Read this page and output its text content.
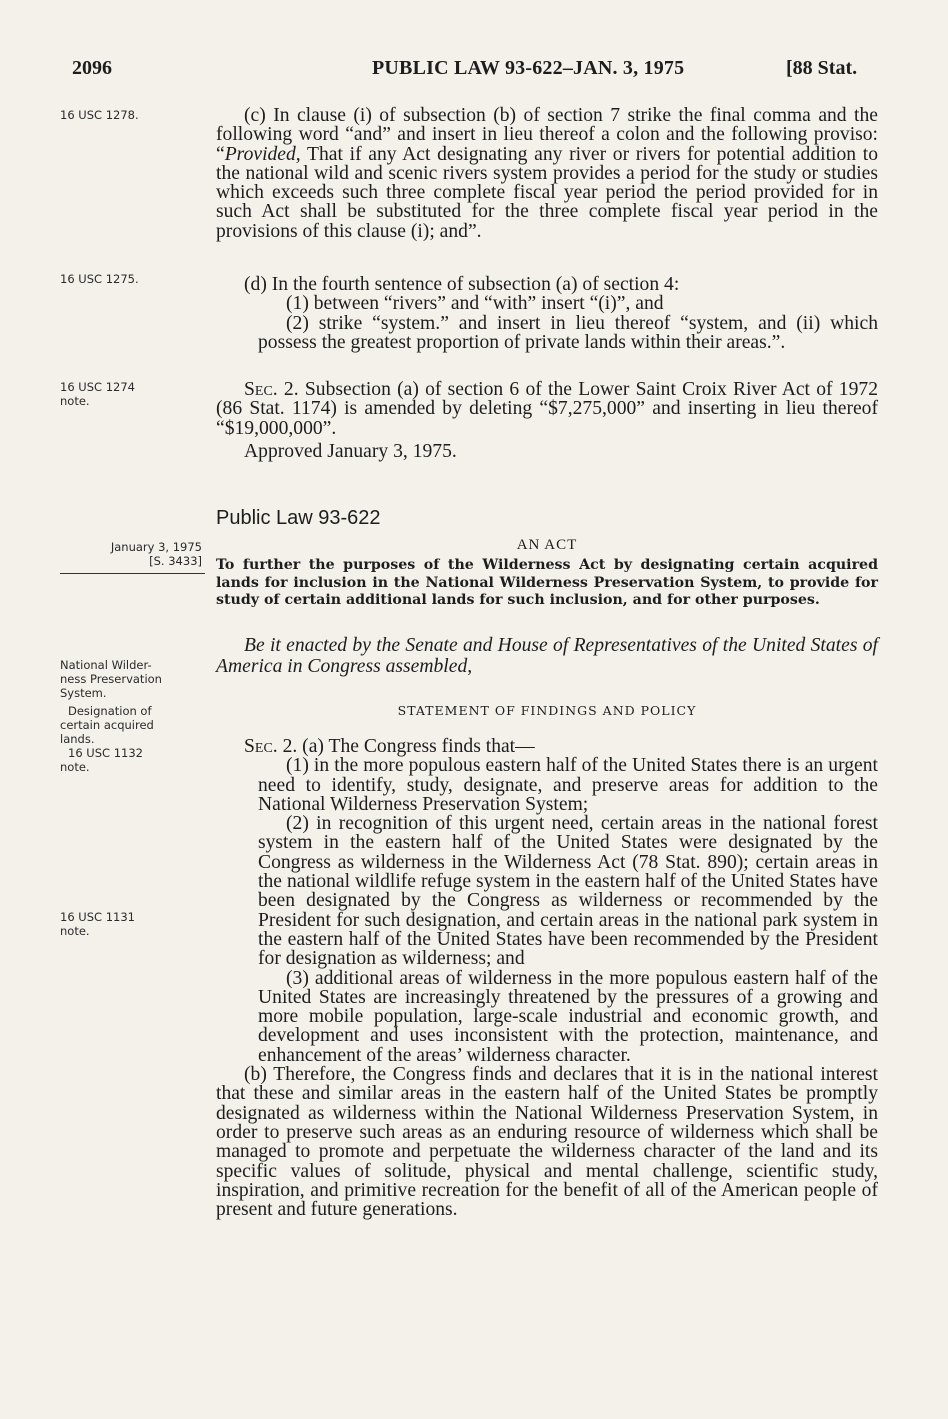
2096	PUBLIC LAW 93-622–JAN. 3, 1975	[88 Stat.
16 USC 1278.
16 USC 1275.
16 USC 1274
note.
January 3, 1975
[S. 3433]
National Wilder-
ness Preservation
System.
Designation of
certain acquired
lands.
16 USC 1132
note.
16 USC 1131
note.

(c) In clause (i) of subsection (b) of section 7 strike the final comma and the following word “and” and insert in lieu thereof a colon and the following proviso: “Provided, That if any Act designating any river or rivers for potential addition to the national wild and scenic rivers system provides a period for the study or studies which exceeds such three complete fiscal year period the period provided for in such Act shall be substituted for the three complete fiscal year period in the provisions of this clause (i); and”.

(d) In the fourth sentence of subsection (a) of section 4:

(1) between “rivers” and “with” insert “(i)”, and

(2) strike “system.” and insert in lieu thereof “system, and (ii) which possess the greatest proportion of private lands within their areas.”.

Sec. 2. Subsection (a) of section 6 of the Lower Saint Croix River Act of 1972 (86 Stat. 1174) is amended by deleting “$7,275,000” and inserting in lieu thereof “$19,000,000”.

Approved January 3, 1975.

Public Law 93-622
AN ACT
To further the purposes of the Wilderness Act by designating certain acquired lands for inclusion in the National Wilderness Preservation System, to provide for study of certain additional lands for such inclusion, and for other purposes.

Be it enacted by the Senate and House of Representatives of the United States of America in Congress assembled,

STATEMENT OF FINDINGS AND POLICY

Sec. 2. (a) The Congress finds that—

(1) in the more populous eastern half of the United States there is an urgent need to identify, study, designate, and preserve areas for addition to the National Wilderness Preservation System;

(2) in recognition of this urgent need, certain areas in the national forest system in the eastern half of the United States were designated by the Congress as wilderness in the Wilderness Act (78 Stat. 890); certain areas in the national wildlife refuge system in the eastern half of the United States have been designated by the Congress as wilderness or recommended by the President for such designation, and certain areas in the national park system in the eastern half of the United States have been recommended by the President for designation as wilderness; and

(3) additional areas of wilderness in the more populous eastern half of the United States are increasingly threatened by the pressures of a growing and more mobile population, large-scale industrial and economic growth, and development and uses inconsistent with the protection, maintenance, and enhancement of the areas’ wilderness character.

(b) Therefore, the Congress finds and declares that it is in the national interest that these and similar areas in the eastern half of the United States be promptly designated as wilderness within the National Wilderness Preservation System, in order to preserve such areas as an enduring resource of wilderness which shall be managed to promote and perpetuate the wilderness character of the land and its specific values of solitude, physical and mental challenge, scientific study, inspiration, and primitive recreation for the benefit of all of the American people of present and future generations.
